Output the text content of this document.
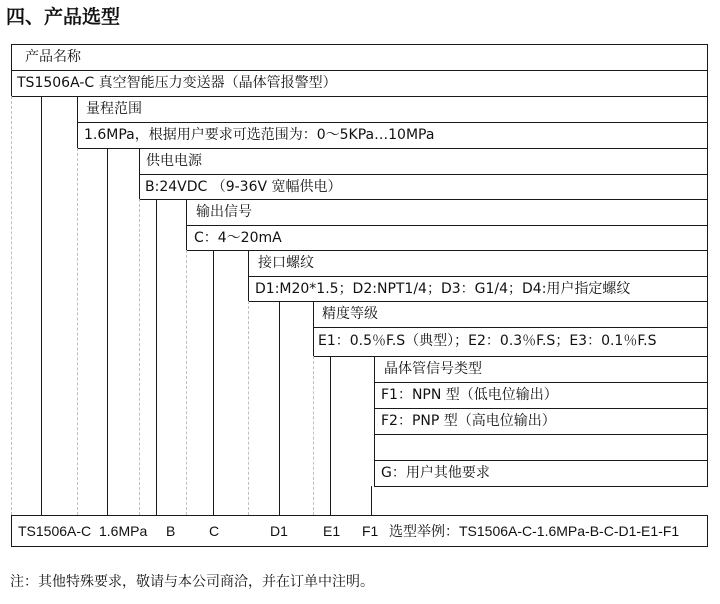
四、产品选型
产品名称
TS1506A-C 真空智能压力变送器（晶体管报警型）
量程范围
1.6MPa，根据用户要求可选范围为：0～5KPa…10MPa
供电电源
B:24VDC （9-36V 宽幅供电）
输出信号
C：4～20mA
接口螺纹
D1:M20*1.5；D2:NPT1/4；D3：G1/4；D4:用户指定螺纹
精度等级
E1：0.5％F.S（典型）；E2：0.3％F.S；E3：0.1％F.S
晶体管信号类型
F1：NPN 型（低电位输出）
F2：PNP 型（高电位输出）
G：用户其他要求
TS1506A-C 1.6MPa B C	D1	E1 F1 选型举例：TS1506A-C-1.6MPa-B-C-D1-E1-F1
注：其他特殊要求，敬请与本公司商洽，并在订单中注明。
